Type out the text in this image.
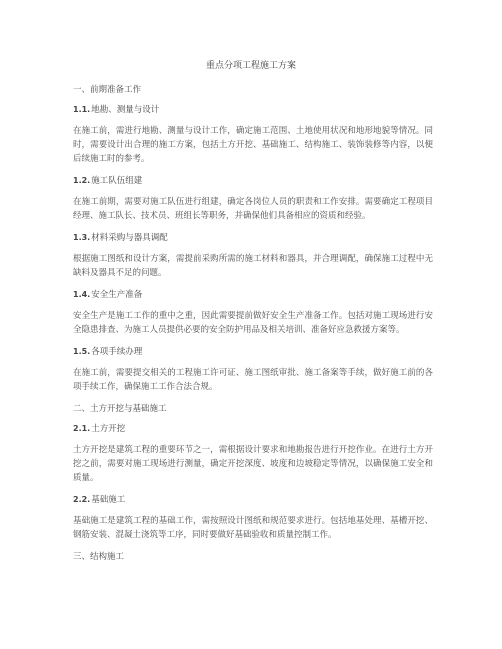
重点分项工程施工方案
一、前期准备工作
1.1.地勘、测量与设计
在施工前，需进行地勘、测量与设计工作，确定施工范围、土地使用状况和地形地貌等情况。同时，需要设计出合理的施工方案，包括土方开挖、基础施工、结构施工、装饰装修等内容，以便后续施工时的参考。
1.2.施工队伍组建
在施工前期，需要对施工队伍进行组建，确定各岗位人员的职责和工作安排。需要确定工程项目经理、施工队长、技术员、班组长等职务，并确保他们具备相应的资质和经验。
1.3.材料采购与器具调配
根据施工图纸和设计方案，需提前采购所需的施工材料和器具，并合理调配，确保施工过程中无缺料及器具不足的问题。
1.4.安全生产准备
安全生产是施工工作的重中之重，因此需要提前做好安全生产准备工作。包括对施工现场进行安全隐患排查、为施工人员提供必要的安全防护用品及相关培训、准备好应急救援方案等。
1.5.各项手续办理
在施工前，需要提交相关的工程施工许可证、施工图纸审批、施工备案等手续，做好施工前的各项手续工作，确保施工工作合法合规。
二、土方开挖与基础施工
2.1.土方开挖
土方开挖是建筑工程的重要环节之一，需根据设计要求和地勘报告进行开挖作业。在进行土方开挖之前，需要对施工现场进行测量，确定开挖深度、坡度和边坡稳定等情况，以确保施工安全和质量。
2.2.基础施工
基础施工是建筑工程的基础工作，需按照设计图纸和规范要求进行。包括地基处理、基槽开挖、钢筋安装、混凝土浇筑等工序，同时要做好基础验收和质量控制工作。
三、结构施工
